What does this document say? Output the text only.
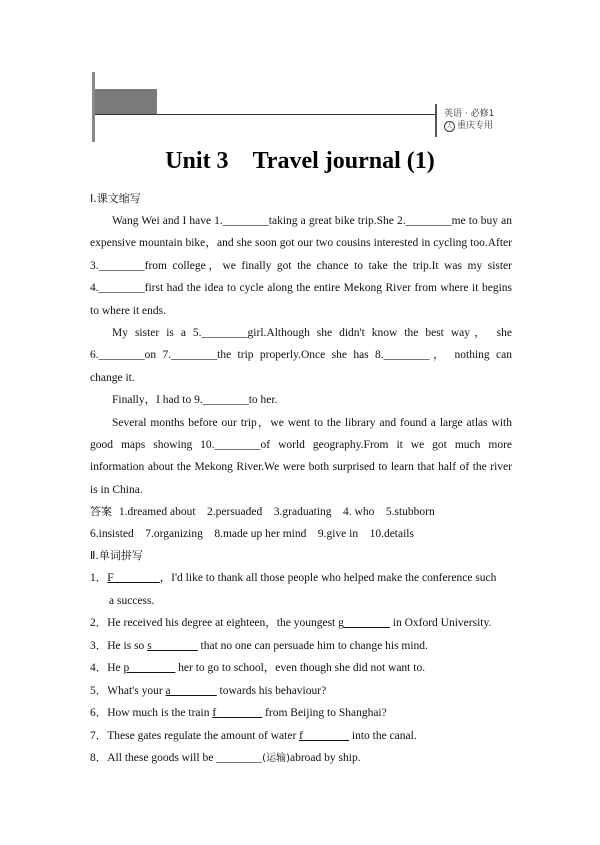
英语 · 必修1
人 重庆专用
Unit 3 Travel journal (1)
Ⅰ.课文缩写

Wang Wei and I have 1.________taking a great bike trip.She 2.________me to buy an expensive mountain bike，and she soon got our two cousins interested in cycling too.After 3.________from college，we finally got the chance to take the trip.It was my sister 4.________first had the idea to cycle along the entire Mekong River from where it begins to where it ends.

My sister is a 5.________girl.Although she didn't know the best way， she 6.________on 7.________the trip properly.Once she has 8.________， nothing can change it.

Finally，I had to 9.________to her.

Several months before our trip，we went to the library and found a large atlas with good maps showing 10.________of world geography.From it we got much more information about the Mekong River.We were both surprised to learn that half of the river is in China.

答案 1.dreamed about　2.persuaded　3.graduating　4. who　5.stubborn
6.insisted　7.organizing　8.made up her mind　9.give in　10.details
Ⅱ.单词拼写
1．F________，I'd like to thank all those people who helped make the conference such
a success.
2．He received his degree at eighteen，the youngest g________ in Oxford University.
3．He is so s________ that no one can persuade him to change his mind.
4．He p________ her to go to school，even though she did not want to.
5．What's your a________ towards his behaviour?
6．How much is the train f________ from Beijing to Shanghai?
7．These gates regulate the amount of water f________ into the canal.
8．All these goods will be ________(运输)abroad by ship.
